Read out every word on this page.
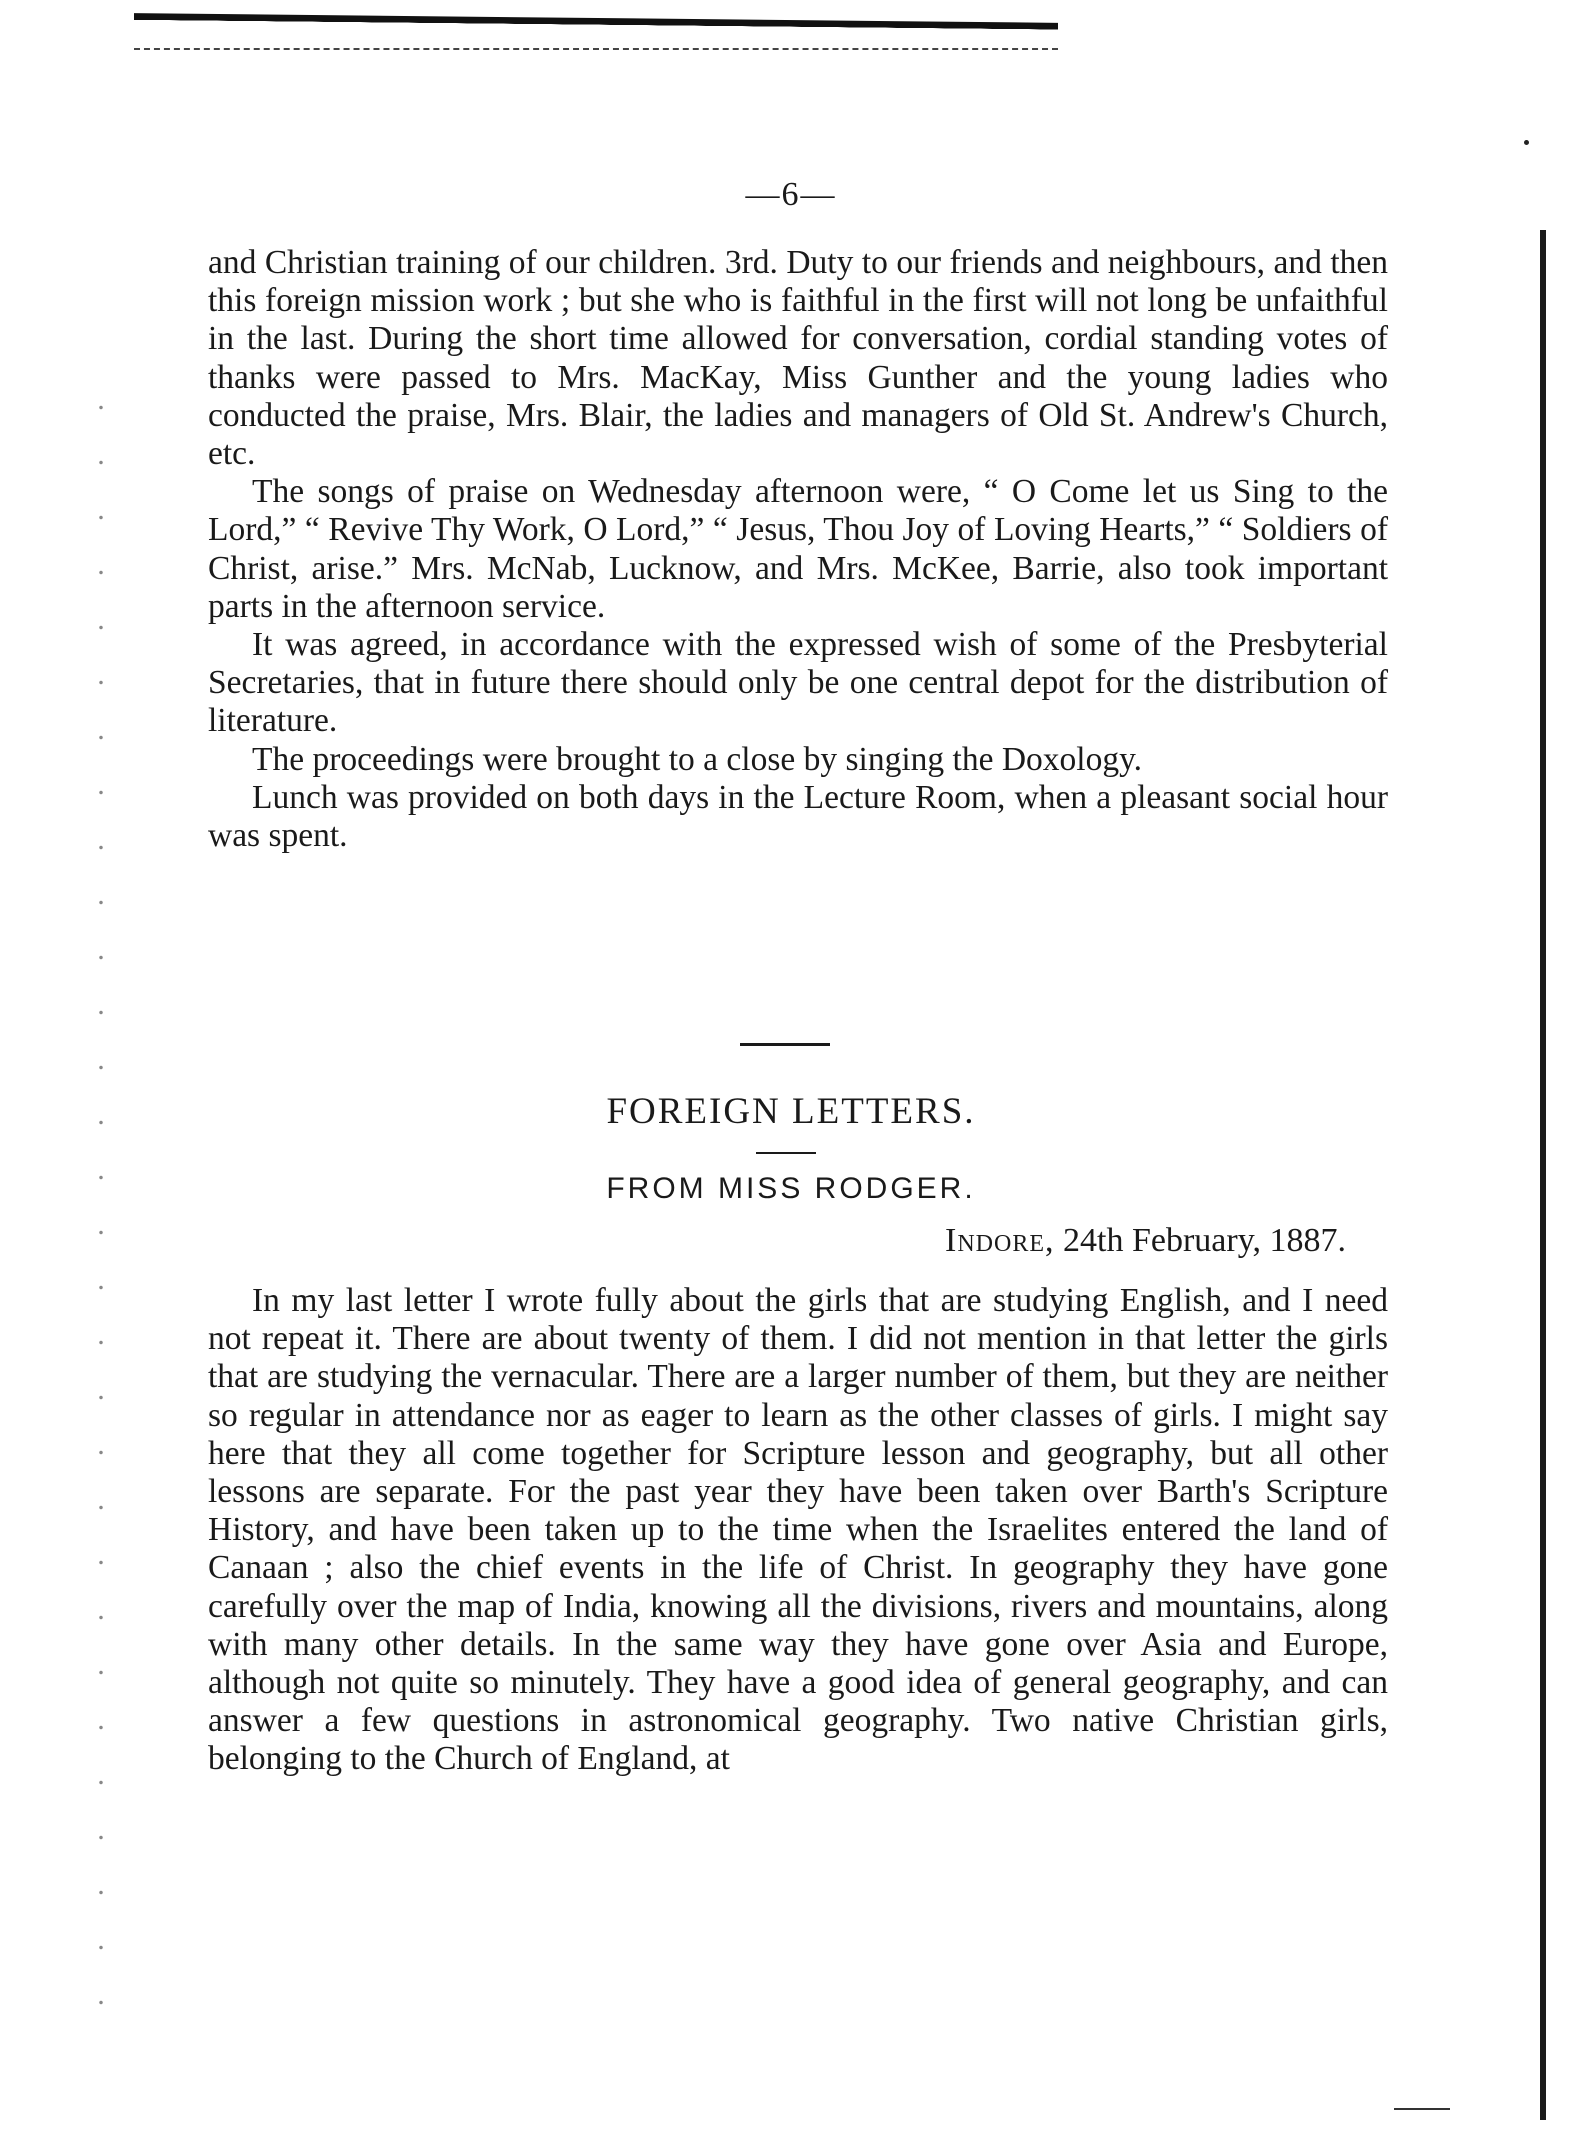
—6—

and Christian training of our children. 3rd. Duty to our friends and neighbours, and then this foreign mission work ; but she who is faithful in the first will not long be unfaithful in the last. During the short time allowed for conversation, cordial standing votes of thanks were passed to Mrs. MacKay, Miss Gunther and the young ladies who conducted the praise, Mrs. Blair, the ladies and managers of Old St. Andrew's Church, etc.

The songs of praise on Wednesday afternoon were, “ O Come let us Sing to the Lord,” “ Revive Thy Work, O Lord,” “ Jesus, Thou Joy of Loving Hearts,” “ Soldiers of Christ, arise.” Mrs. McNab, Lucknow, and Mrs. McKee, Barrie, also took important parts in the afternoon service.

It was agreed, in accordance with the expressed wish of some of the Presbyterial Secretaries, that in future there should only be one central depot for the distribution of literature.

The proceedings were brought to a close by singing the Doxology.

Lunch was provided on both days in the Lecture Room, when a pleasant social hour was spent.

FOREIGN LETTERS.
FROM MISS RODGER.
Indore, 24th February, 1887.

In my last letter I wrote fully about the girls that are studying English, and I need not repeat it. There are about twenty of them. I did not mention in that letter the girls that are studying the vernacular. There are a larger number of them, but they are neither so regular in attendance nor as eager to learn as the other classes of girls. I might say here that they all come together for Scripture lesson and geography, but all other lessons are separate. For the past year they have been taken over Barth's Scripture History, and have been taken up to the time when the Israelites entered the land of Canaan ; also the chief events in the life of Christ. In geography they have gone carefully over the map of India, knowing all the divisions, rivers and mountains, along with many other details. In the same way they have gone over Asia and Europe, although not quite so minutely. They have a good idea of general geography, and can answer a few questions in astronomical geography. Two native Christian girls, belonging to the Church of England, at
